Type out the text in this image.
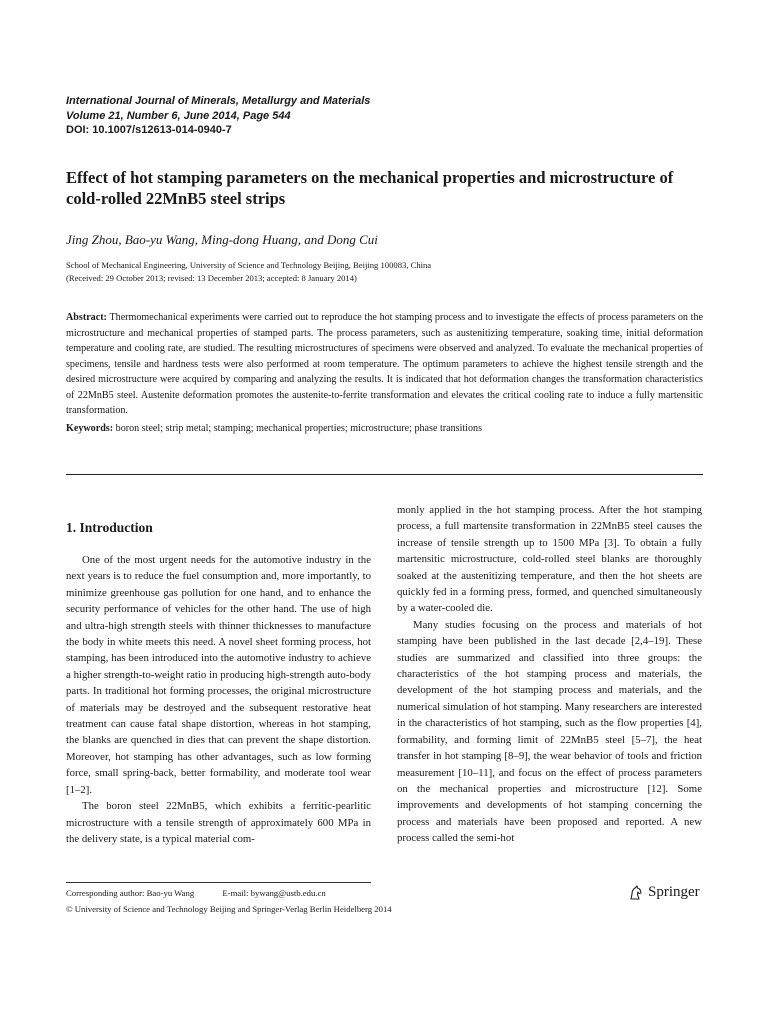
International Journal of Minerals, Metallurgy and Materials
Volume 21, Number 6, June 2014, Page 544
DOI: 10.1007/s12613-014-0940-7
Effect of hot stamping parameters on the mechanical properties and microstructure of cold-rolled 22MnB5 steel strips
Jing Zhou, Bao-yu Wang, Ming-dong Huang, and Dong Cui
School of Mechanical Engineering, University of Science and Technology Beijing, Beijing 100083, China
(Received: 29 October 2013; revised: 13 December 2013; accepted: 8 January 2014)
Abstract: Thermomechanical experiments were carried out to reproduce the hot stamping process and to investigate the effects of process parameters on the microstructure and mechanical properties of stamped parts. The process parameters, such as austenitizing temperature, soaking time, initial deformation temperature and cooling rate, are studied. The resulting microstructures of specimens were observed and analyzed. To evaluate the mechanical properties of specimens, tensile and hardness tests were also performed at room temperature. The optimum parameters to achieve the highest tensile strength and the desired microstructure were acquired by comparing and analyzing the results. It is indicated that hot deformation changes the transformation characteristics of 22MnB5 steel. Austenite deformation promotes the austenite-to-ferrite transformation and elevates the critical cooling rate to induce a fully martensitic transformation.
Keywords: boron steel; strip metal; stamping; mechanical properties; microstructure; phase transitions
1. Introduction

One of the most urgent needs for the automotive industry in the next years is to reduce the fuel consumption and, more importantly, to minimize greenhouse gas pollution for one hand, and to enhance the security performance of vehicles for the other hand. The use of high and ultra-high strength steels with thinner thicknesses to manufacture the body in white meets this need. A novel sheet forming process, hot stamping, has been introduced into the automotive industry to achieve a higher strength-to-weight ratio in producing high-strength auto-body parts. In traditional hot forming processes, the original microstructure of materials may be destroyed and the subsequent restorative heat treatment can cause fatal shape distortion, whereas in hot stamping, the blanks are quenched in dies that can prevent the shape distortion. Moreover, hot stamping has other advantages, such as low forming force, small spring-back, better formability, and moderate tool wear [1–2].

The boron steel 22MnB5, which exhibits a ferritic-pearlitic microstructure with a tensile strength of approximately 600 MPa in the delivery state, is a typical material com-

monly applied in the hot stamping process. After the hot stamping process, a full martensite transformation in 22MnB5 steel causes the increase of tensile strength up to 1500 MPa [3]. To obtain a fully martensitic microstructure, cold-rolled steel blanks are thoroughly soaked at the austenitizing temperature, and then the hot sheets are quickly fed in a forming press, formed, and quenched simultaneously by a water-cooled die.

Many studies focusing on the process and materials of hot stamping have been published in the last decade [2,4–19]. These studies are summarized and classified into three groups: the characteristics of the hot stamping process and materials, the development of the hot stamping process and materials, and the numerical simulation of hot stamping. Many researchers are interested in the characteristics of hot stamping, such as the flow properties [4], formability, and forming limit of 22MnB5 steel [5–7], the heat transfer in hot stamping [8–9], the wear behavior of tools and friction measurement [10–11], and focus on the effect of process parameters on the mechanical properties and microstructure [12]. Some improvements and developments of hot stamping concerning the process and materials have been proposed and reported. A new process called the semi-hot

Corresponding author: Bao-yu Wang	E-mail: bywang@ustb.edu.cn
© University of Science and Technology Beijing and Springer-Verlag Berlin Heidelberg 2014
Springer
